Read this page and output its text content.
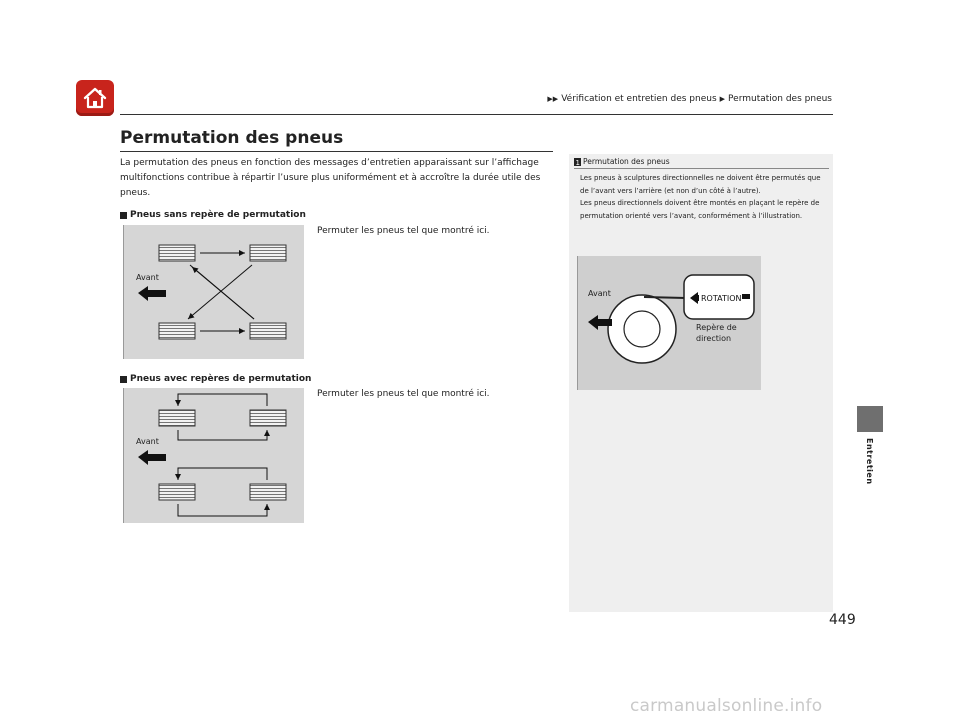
▶▶ Vérification et entretien des pneus ▶ Permutation des pneus
Permutation des pneus
La permutation des pneus en fonction des messages d’entretien apparaissant sur l’affichage multifonctions contribue à répartir l’usure plus uniformément et à accroître la durée utile des pneus.
Pneus sans repère de permutation
Permuter les pneus tel que montré ici.
Avant
Pneus avec repères de permutation
Permuter les pneus tel que montré ici.
Avant
1 Permutation des pneus

Les pneus à sculptures directionnelles ne doivent être permutés que de l’avant vers l’arrière (et non d’un côté à l’autre).

Les pneus directionnels doivent être montés en plaçant le repère de permutation orienté vers l’avant, conformément à l’illustration.

ROTATION
Avant
Repère de
direction
Entretien
449
carmanualsonline.info
